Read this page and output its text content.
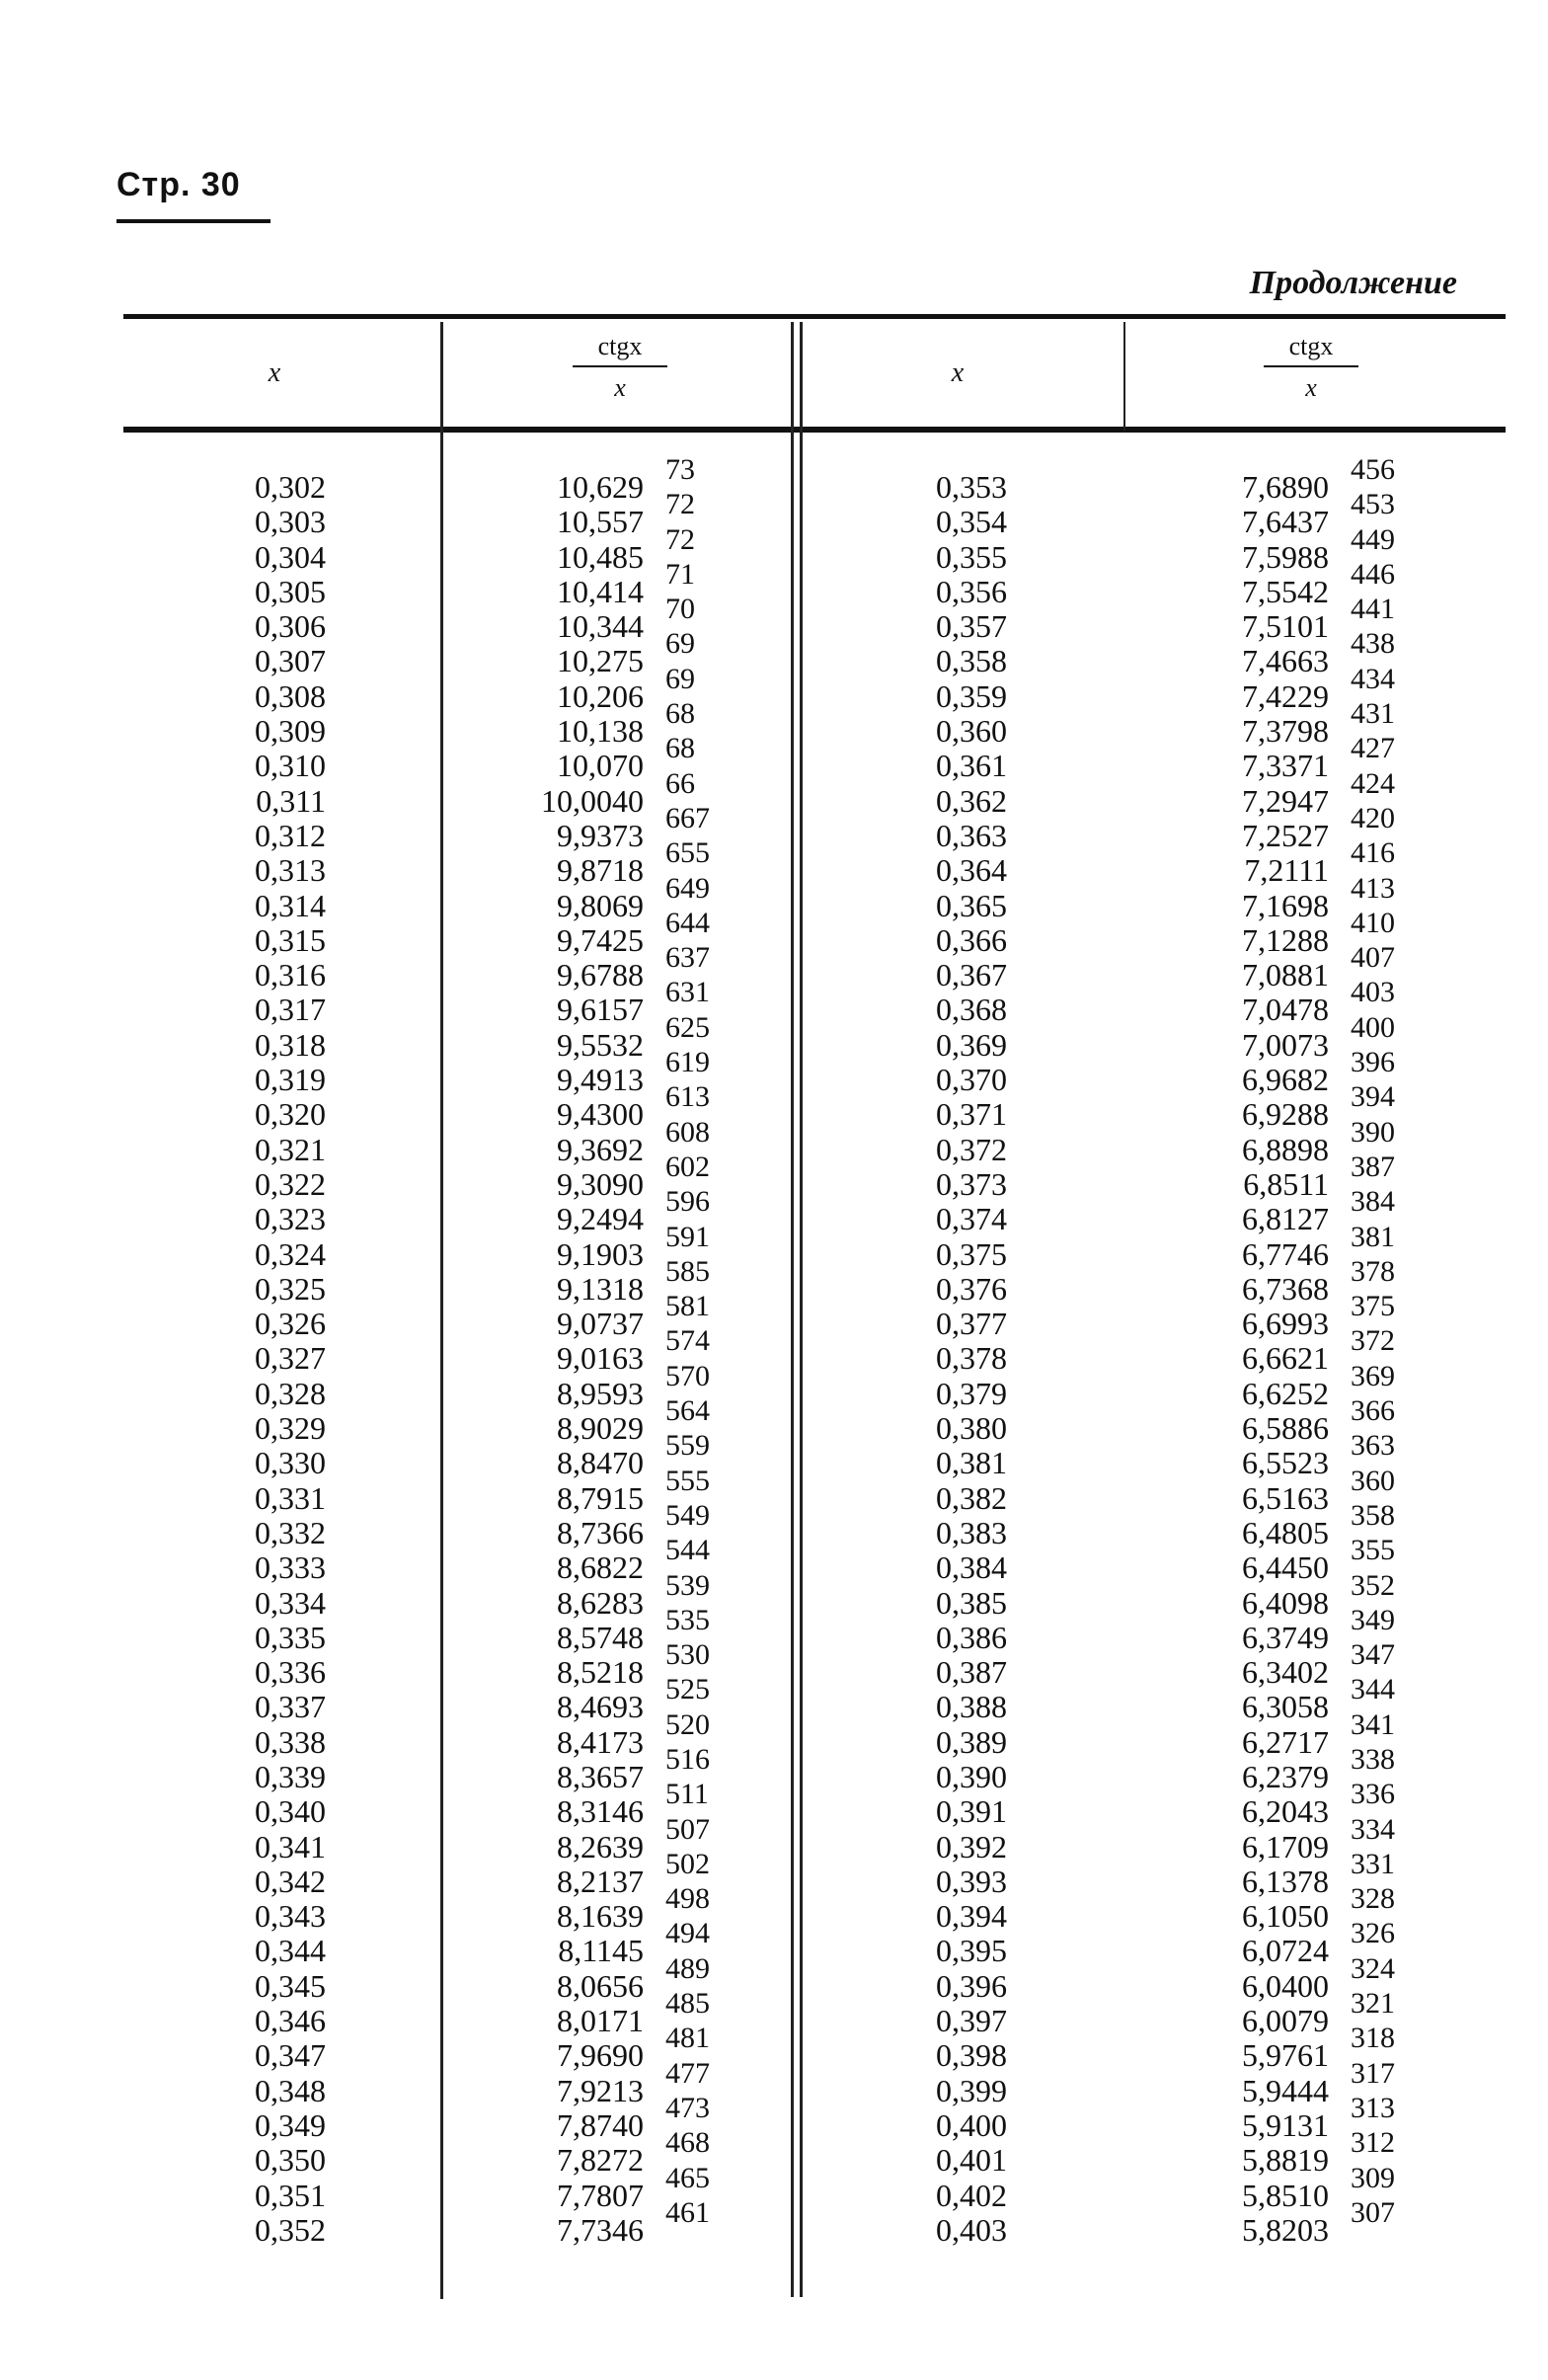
Стр. 30
Продолжение
x
ctgx
x	x
ctgx
x
0,302
0,303
0,304
0,305
0,306
0,307
0,308
0,309
0,310
0,311
0,312
0,313
0,314
0,315
0,316
0,317
0,318
0,319
0,320
0,321
0,322
0,323
0,324
0,325
0,326
0,327
0,328
0,329
0,330
0,331
0,332
0,333
0,334
0,335
0,336
0,337
0,338
0,339
0,340
0,341
0,342
0,343
0,344
0,345
0,346
0,347
0,348
0,349
0,350
0,351
0,352
10,629
10,557
10,485
10,414
10,344
10,275
10,206
10,138
10,070
10,0040
9,9373
9,8718
9,8069
9,7425
9,6788
9,6157
9,5532
9,4913
9,4300
9,3692
9,3090
9,2494
9,1903
9,1318
9,0737
9,0163
8,9593
8,9029
8,8470
8,7915
8,7366
8,6822
8,6283
8,5748
8,5218
8,4693
8,4173
8,3657
8,3146
8,2639
8,2137
8,1639
8,1145
8,0656
8,0171
7,9690
7,9213
7,8740
7,8272
7,7807
7,7346
73
72
72
71
70
69
69
68
68
66
667
655
649
644
637
631
625
619
613
608
602
596
591
585
581
574
570
564
559
555
549
544
539
535
530
525
520
516
511
507
502
498
494
489
485
481
477
473
468
465
461
0,353
0,354
0,355
0,356
0,357
0,358
0,359
0,360
0,361
0,362
0,363
0,364
0,365
0,366
0,367
0,368
0,369
0,370
0,371
0,372
0,373
0,374
0,375
0,376
0,377
0,378
0,379
0,380
0,381
0,382
0,383
0,384
0,385
0,386
0,387
0,388
0,389
0,390
0,391
0,392
0,393
0,394
0,395
0,396
0,397
0,398
0,399
0,400
0,401
0,402
0,403
7,6890
7,6437
7,5988
7,5542
7,5101
7,4663
7,4229
7,3798
7,3371
7,2947
7,2527
7,2111
7,1698
7,1288
7,0881
7,0478
7,0073
6,9682
6,9288
6,8898
6,8511
6,8127
6,7746
6,7368
6,6993
6,6621
6,6252
6,5886
6,5523
6,5163
6,4805
6,4450
6,4098
6,3749
6,3402
6,3058
6,2717
6,2379
6,2043
6,1709
6,1378
6,1050
6,0724
6,0400
6,0079
5,9761
5,9444
5,9131
5,8819
5,8510
5,8203
456
453
449
446
441
438
434
431
427
424
420
416
413
410
407
403
400
396
394
390
387
384
381
378
375
372
369
366
363
360
358
355
352
349
347
344
341
338
336
334
331
328
326
324
321
318
317
313
312
309
307
